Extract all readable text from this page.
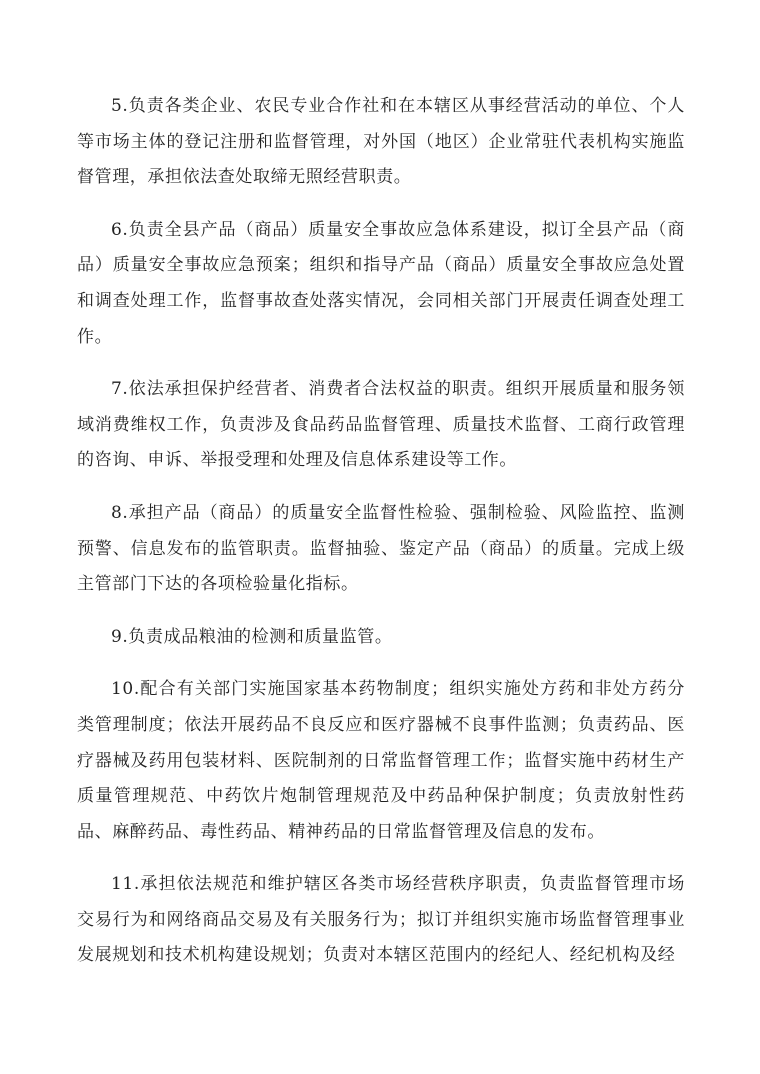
5.负责各类企业、农民专业合作社和在本辖区从事经营活动的单位、个人等市场主体的登记注册和监督管理，对外国（地区）企业常驻代表机构实施监督管理，承担依法查处取缔无照经营职责。

6.负责全县产品（商品）质量安全事故应急体系建设，拟订全县产品（商品）质量安全事故应急预案；组织和指导产品（商品）质量安全事故应急处置和调查处理工作，监督事故查处落实情况，会同相关部门开展责任调查处理工作。

7.依法承担保护经营者、消费者合法权益的职责。组织开展质量和服务领域消费维权工作，负责涉及食品药品监督管理、质量技术监督、工商行政管理的咨询、申诉、举报受理和处理及信息体系建设等工作。

8.承担产品（商品）的质量安全监督性检验、强制检验、风险监控、监测预警、信息发布的监管职责。监督抽验、鉴定产品（商品）的质量。完成上级主管部门下达的各项检验量化指标。

9.负责成品粮油的检测和质量监管。

10.配合有关部门实施国家基本药物制度；组织实施处方药和非处方药分类管理制度；依法开展药品不良反应和医疗器械不良事件监测；负责药品、医疗器械及药用包装材料、医院制剂的日常监督管理工作；监督实施中药材生产质量管理规范、中药饮片炮制管理规范及中药品种保护制度；负责放射性药品、麻醉药品、毒性药品、精神药品的日常监督管理及信息的发布。

11.承担依法规范和维护辖区各类市场经营秩序职责，负责监督管理市场交易行为和网络商品交易及有关服务行为；拟订并组织实施市场监督管理事业发展规划和技术机构建设规划；负责对本辖区范围内的经纪人、经纪机构及经
